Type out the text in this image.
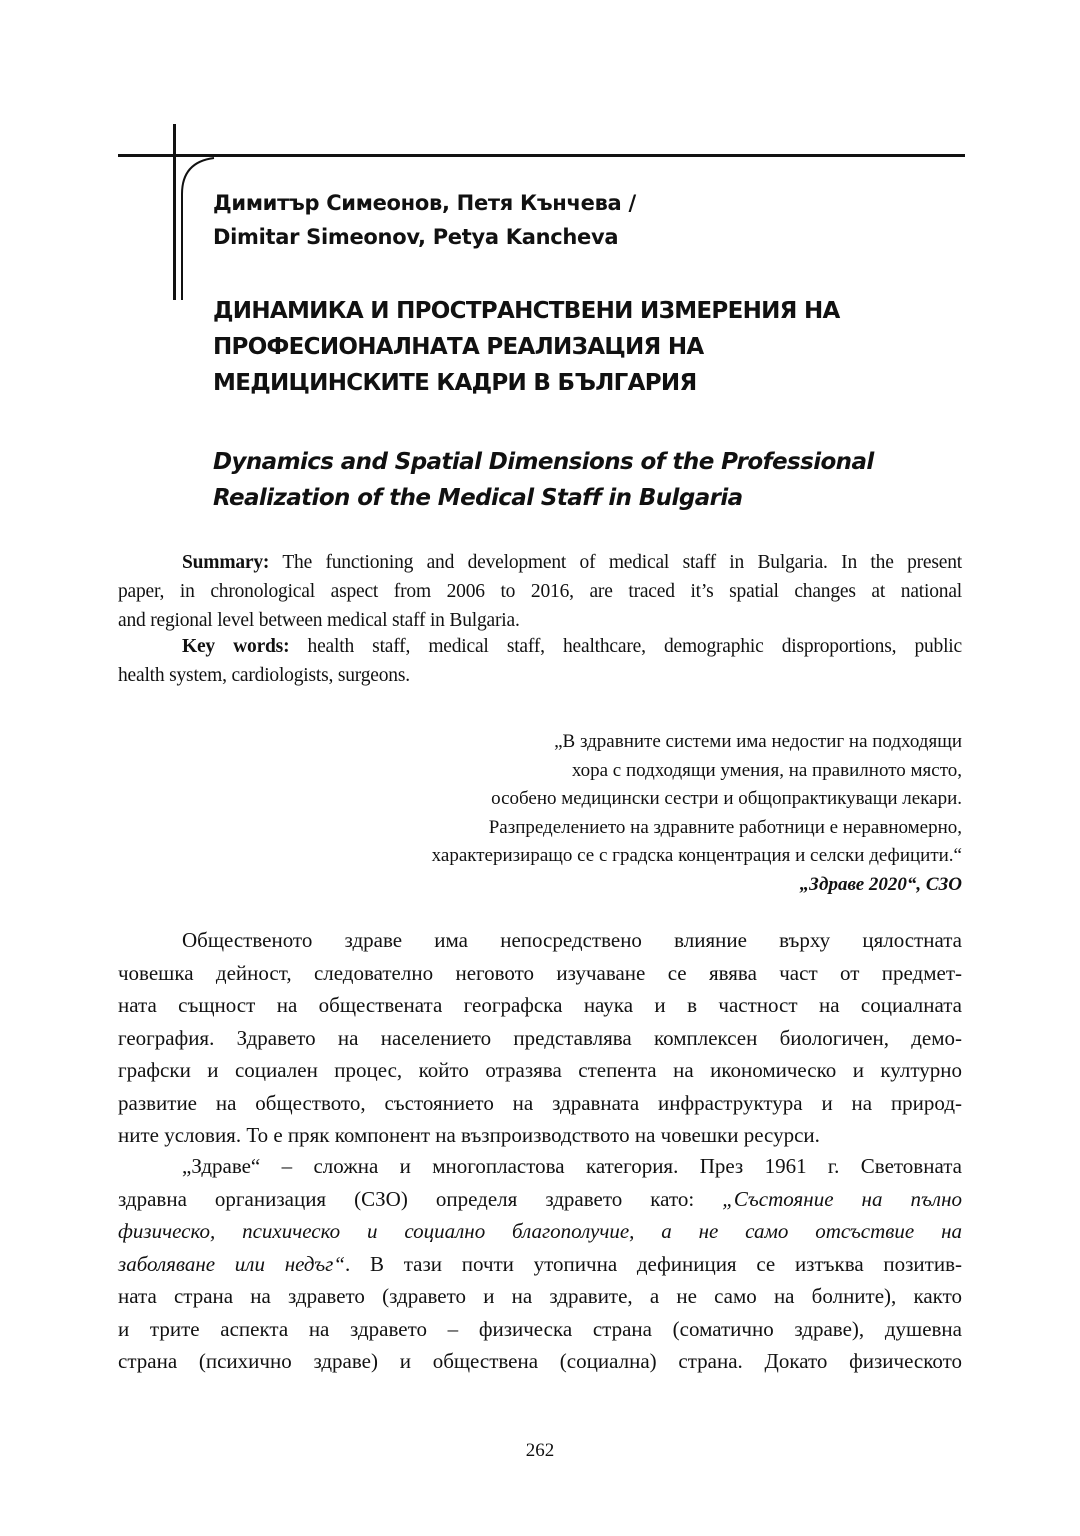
Димитър Симеонов, Петя Кънчева /
Dimitar Simeonov, Petya Kancheva
ДИНАМИКА И ПРОСТРАНСТВЕНИ ИЗМЕРЕНИЯ НА
ПРОФЕСИОНАЛНАТА РЕАЛИЗАЦИЯ НА
МЕДИЦИНСКИТЕ КАДРИ В БЪЛГАРИЯ
Dynamics and Spatial Dimensions of the Professional
Realization of the Medical Staff in Bulgaria
Summary: The functioning and development of medical staff in Bulgaria. In the present
paper, in chronological aspect from 2006 to 2016, are traced it’s spatial changes at national
and regional level between medical staff in Bulgaria.
Key words: health staff, medical staff, healthcare, demographic disproportions, public
health system, cardiologists, surgeons.
„В здравните системи има недостиг на подходящи
хора с подходящи умения, на правилното място,
особено медицински сестри и общопрактикуващи лекари.
Разпределението на здравните работници е неравномерно,
характеризиращо се с градска концентрация и селски дефицити.“
„Здраве 2020“, СЗО
Общественото здраве има непосредствено влияние върху цялостната
човешка дейност, следователно неговото изучаване се явява част от предмет-
ната същност на обществената географска наука и в частност на социалната
география. Здравето на населението представлява комплексен биологичен, демо-
графски и социален процес, който отразява степента на икономическо и културно
развитие на обществото, състоянието на здравната инфраструктура и на природ-
ните условия. То е пряк компонент на възпроизводството на човешки ресурси.
„Здраве“ – сложна и многопластова категория. През 1961 г. Световната
здравна организация (СЗО) определя здравето като: „Състояние на пълно
физическо, психическо и социално благополучие, а не само отсъствие на
заболяване или недъг“. В тази почти утопична дефиниция се изтъква позитив-
ната страна на здравето (здравето и на здравите, а не само на болните), както
и трите аспекта на здравето – физическа страна (соматично здраве), душевна
страна (психично здраве) и обществена (социална) страна. Докато физическото
262
